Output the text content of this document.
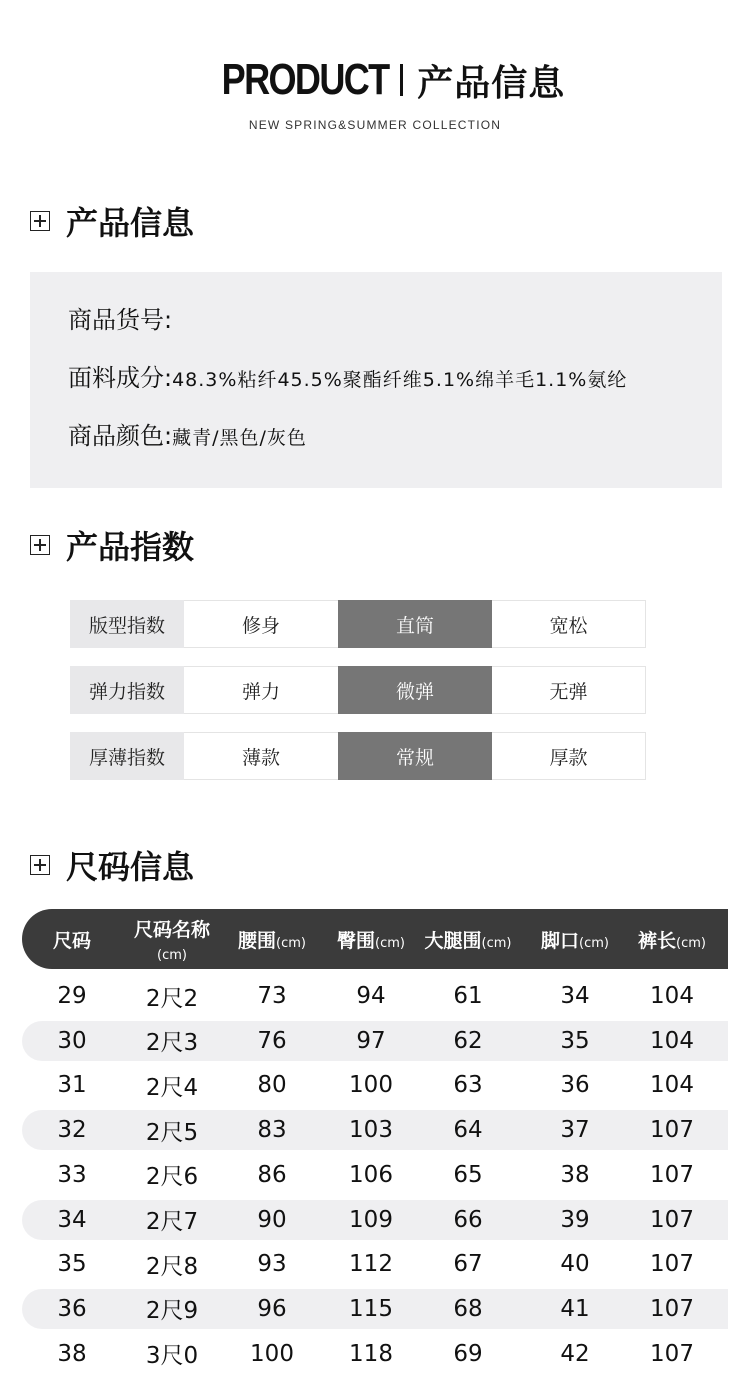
PRODUCT 产品信息
NEW SPRING&SUMMER COLLECTION
产品信息
商品货号:
面料成分: 48.3%粘纤45.5%聚酯纤维5.1%绵羊毛1.1%氨纶
商品颜色: 藏青/黑色/灰色
产品指数
版型指数	修身	直筒	宽松
弹力指数	弹力	微弹	无弹
厚薄指数	薄款	常规	厚款
尺码信息
尺码 尺码名称
(cm)
腰围(cm) 臀围(cm) 大腿围(cm) 脚口(cm) 裤长(cm)
29	2尺2	73	94	61	34	104
30	2尺3	76	97	62	35	104
31	2尺4	80	100	63	36	104
32	2尺5	83	103	64	37	107
33	2尺6	86	106	65	38	107
34	2尺7	90	109	66	39	107
35	2尺8	93	112	67	40	107
36	2尺9	96	115	68	41	107
38	3尺0	100	118	69	42	107
